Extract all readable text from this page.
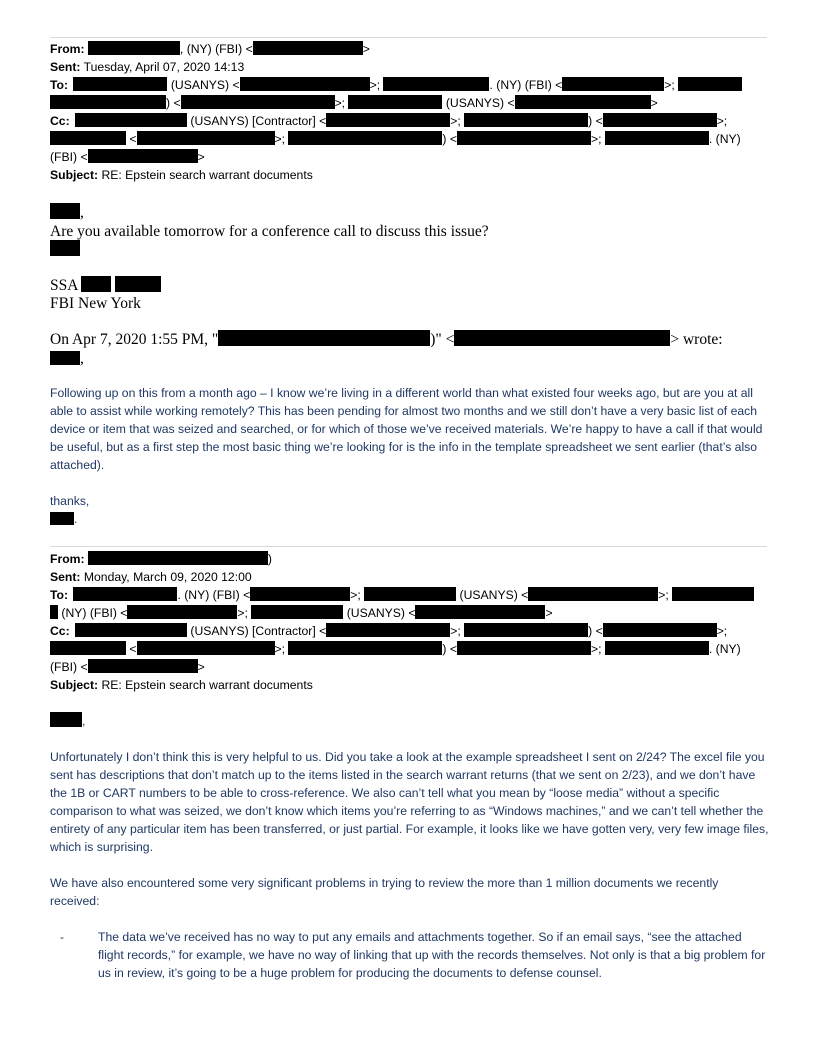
From:	, (NY) (FBI) <	>
Sent: Tuesday, April 07, 2020 14:13
To:	(USANYS) <	>;	. (NY) (FBI) <	>;
) <	>;	(USANYS) <	>
Cc:	(USANYS) [Contractor] <	>;	) <	>;
<	>;	) <	>;	. (NY)
(FBI) <	>
Subject: RE: Epstein search warrant documents
,
Are you available tomorrow for a conference call to discuss this issue?
SSA
FBI New York
On Apr 7, 2020 1:55 PM, "	)" <	> wrote:
,

Following up on this from a month ago – I know we’re living in a different world than what existed four weeks ago, but are you at all able to assist while working remotely? This has been pending for almost two months and we still don’t have a very basic list of each device or item that was seized and searched, or for which of those we’ve received materials. We’re happy to have a call if that would be useful, but as a first step the most basic thing we’re looking for is the info in the template spreadsheet we sent earlier (that’s also attached).

thanks,
.
From:	)
Sent: Monday, March 09, 2020 12:00
To:	. (NY) (FBI) <	>;	(USANYS) <	>;
(NY) (FBI) <	>;	(USANYS) <	>
Cc:	(USANYS) [Contractor] <	>;	) <	>;
<	>;	) <	>;	. (NY)
(FBI) <	>
Subject: RE: Epstein search warrant documents
,

Unfortunately I don’t think this is very helpful to us. Did you take a look at the example spreadsheet I sent on 2/24? The excel file you sent has descriptions that don’t match up to the items listed in the search warrant returns (that we sent on 2/23), and we don’t have the 1B or CART numbers to be able to cross-reference. We also can’t tell what you mean by “loose media” without a specific comparison to what was seized, we don’t know which items you’re referring to as “Windows machines,” and we can’t tell whether the entirety of any particular item has been transferred, or just partial. For example, it looks like we have gotten very, very few image files, which is surprising.

We have also encountered some very significant problems in trying to review the more than 1 million documents we recently received:

-	The data we’ve received has no way to put any emails and attachments together. So if an email says, “see the attached flight records,” for example, we have no way of linking that up with the records themselves. Not only is that a big problem for us in review, it’s going to be a huge problem for producing the documents to defense counsel.
